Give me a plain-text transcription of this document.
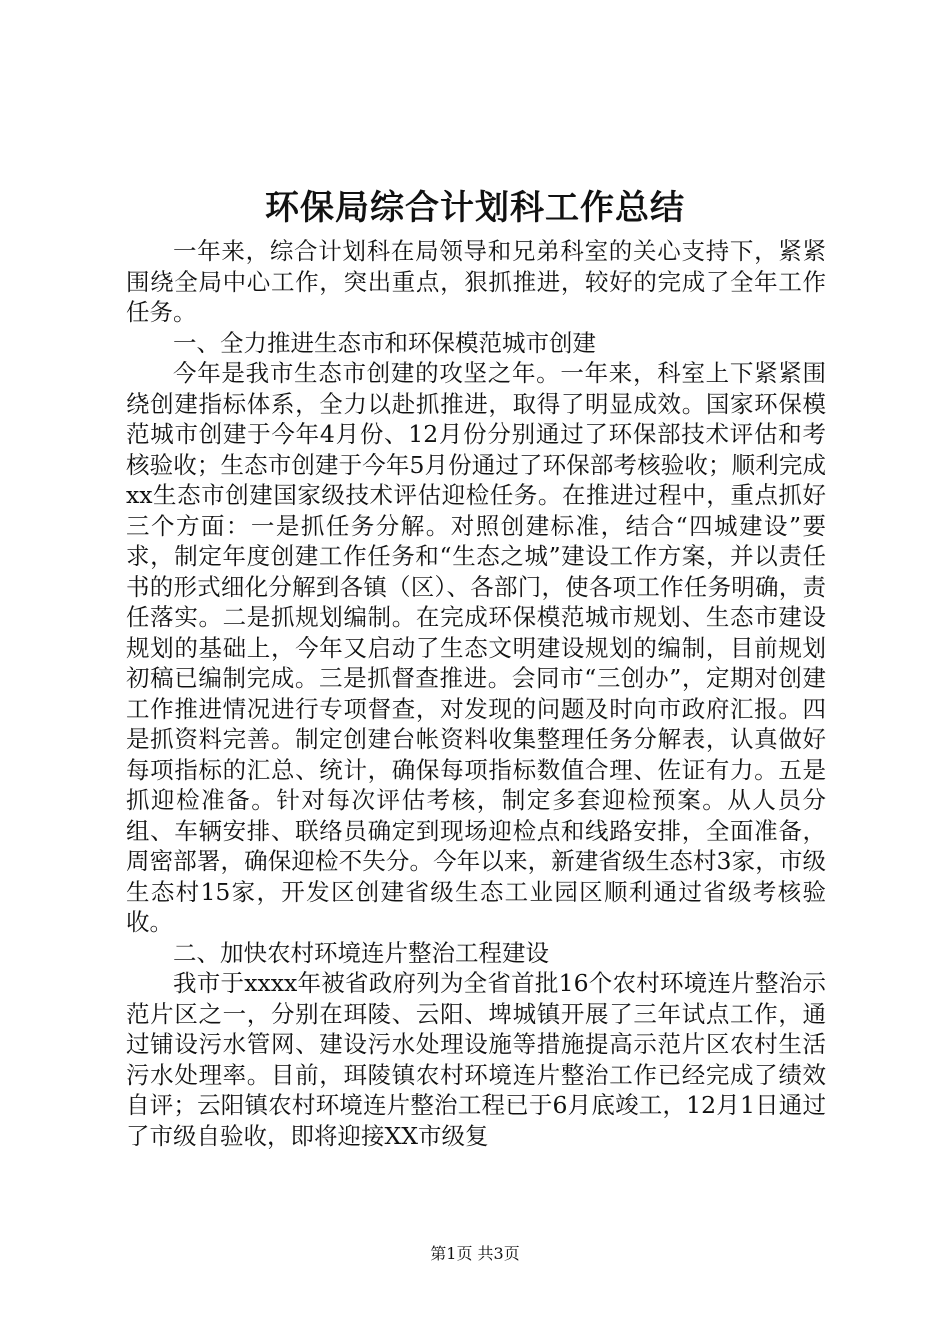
环保局综合计划科工作总结

一年来，综合计划科在局领导和兄弟科室的关心支持下，紧紧围绕全局中心工作，突出重点，狠抓推进，较好的完成了全年工作任务。

一、全力推进生态市和环保模范城市创建

今年是我市生态市创建的攻坚之年。一年来，科室上下紧紧围绕创建指标体系，全力以赴抓推进，取得了明显成效。国家环保模范城市创建于今年4月份、12月份分别通过了环保部技术评估和考核验收；生态市创建于今年5月份通过了环保部考核验收；顺利完成xx生态市创建国家级技术评估迎检任务。在推进过程中，重点抓好三个方面：一是抓任务分解。对照创建标准，结合“四城建设”要求，制定年度创建工作任务和“生态之城”建设工作方案，并以责任书的形式细化分解到各镇（区）、各部门，使各项工作任务明确，责任落实。二是抓规划编制。在完成环保模范城市规划、生态市建设规划的基础上，今年又启动了生态文明建设规划的编制，目前规划初稿已编制完成。三是抓督查推进。会同市“三创办”，定期对创建工作推进情况进行专项督查，对发现的问题及时向市政府汇报。四是抓资料完善。制定创建台帐资料收集整理任务分解表，认真做好每项指标的汇总、统计，确保每项指标数值合理、佐证有力。五是抓迎检准备。针对每次评估考核，制定多套迎检预案。从人员分组、车辆安排、联络员确定到现场迎检点和线路安排，全面准备，周密部署，确保迎检不失分。今年以来，新建省级生态村3家，市级生态村15家，开发区创建省级生态工业园区顺利通过省级考核验收。

二、加快农村环境连片整治工程建设

我市于xxxx年被省政府列为全省首批16个农村环境连片整治示范片区之一，分别在珥陵、云阳、埤城镇开展了三年试点工作，通过铺设污水管网、建设污水处理设施等措施提高示范片区农村生活污水处理率。目前，珥陵镇农村环境连片整治工作已经完成了绩效自评；云阳镇农村环境连片整治工程已于6月底竣工，12月1日通过了市级自验收，即将迎接XX市级复

第1页 共3页
